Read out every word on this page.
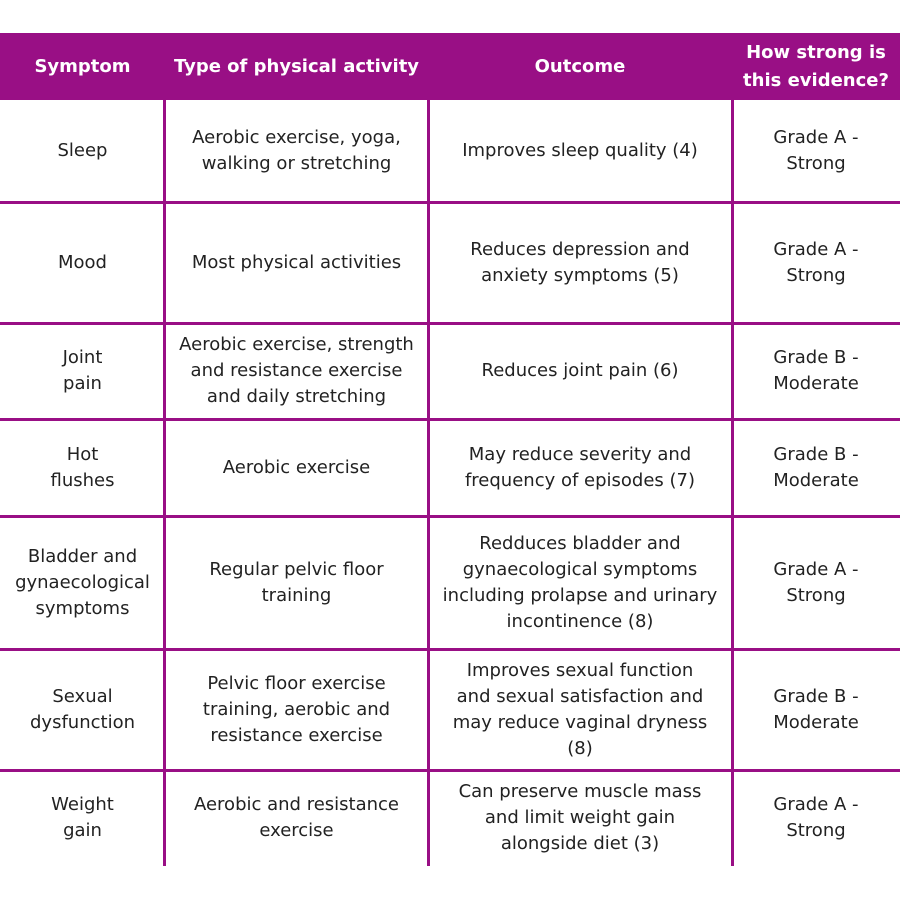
Symptom Type of physical activity	Outcome
How strong is
this evidence?
Sleep
Aerobic exercise, yoga,
walking or stretching
Improves sleep quality (4)
Grade A -
Strong
Mood	Most physical activities
Reduces depression and
anxiety symptoms (5)
Grade A -
Strong
Joint
pain
Aerobic exercise, strength
and resistance exercise
and daily stretching
Reduces joint pain (6)
Grade B -
Moderate
Hot
flushes
Aerobic exercise
May reduce severity and
frequency of episodes (7)
Grade B -
Moderate
Bladder and
gynaecological
symptoms
Regular pelvic floor
training
Redduces bladder and
gynaecological symptoms
including prolapse and urinary
incontinence (8)
Grade A -
Strong
Sexual
dysfunction
Pelvic floor exercise
training, aerobic and
resistance exercise
Improves sexual function
and sexual satisfaction and
may reduce vaginal dryness
(8)
Grade B -
Moderate
Weight
gain
Aerobic and resistance
exercise
Can preserve muscle mass
and limit weight gain
alongside diet (3)
Grade A -
Strong
